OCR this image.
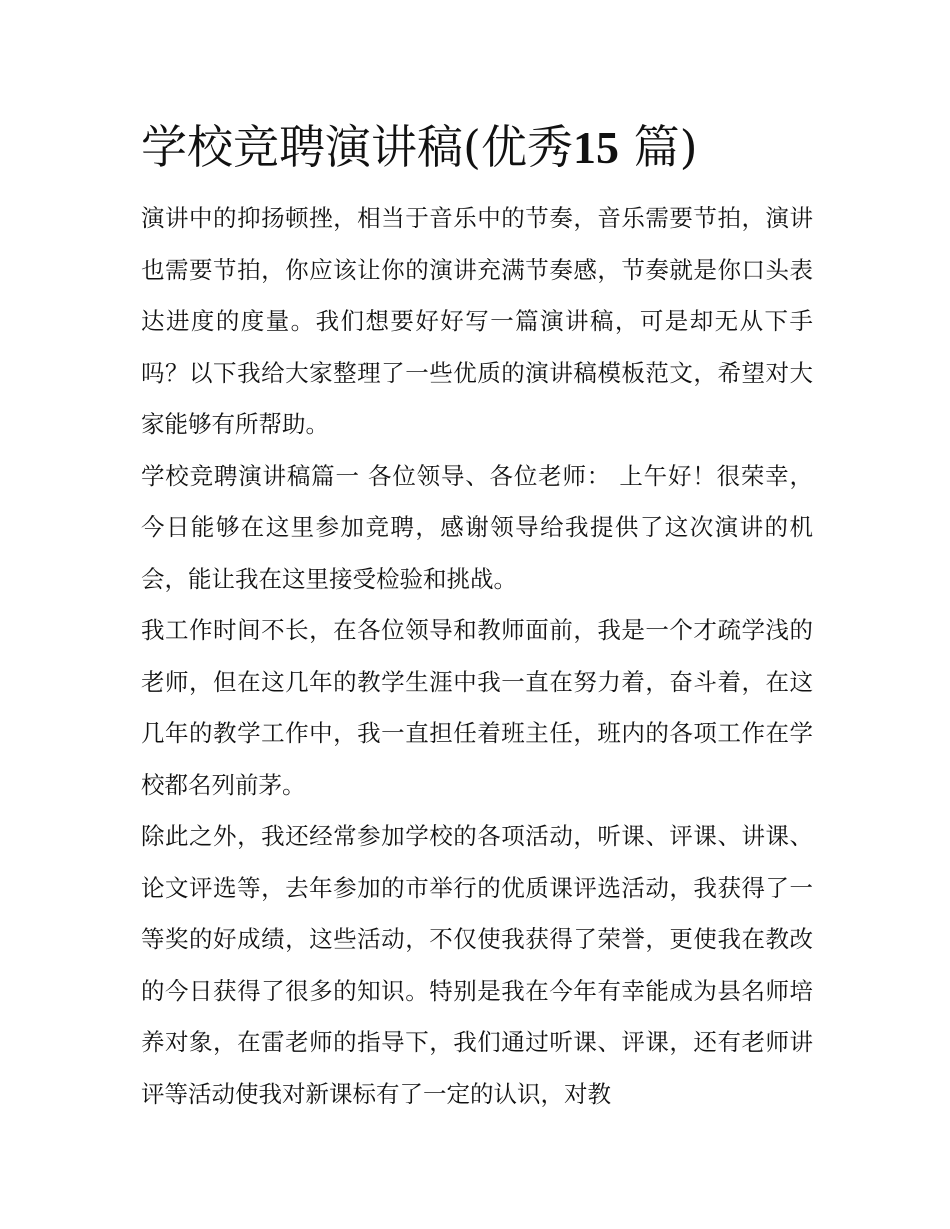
学校竞聘演讲稿(优秀15 篇)

演讲中的抑扬顿挫，相当于音乐中的节奏，音乐需要节拍，演讲也需要节拍，你应该让你的演讲充满节奏感，节奏就是你口头表达进度的度量。我们想要好好写一篇演讲稿，可是却无从下手吗？以下我给大家整理了一些优质的演讲稿模板范文，希望对大家能够有所帮助。

学校竞聘演讲稿篇一 各位领导、各位老师： 上午好！很荣幸，今日能够在这里参加竞聘，感谢领导给我提供了这次演讲的机会，能让我在这里接受检验和挑战。

我工作时间不长，在各位领导和教师面前，我是一个才疏学浅的老师，但在这几年的教学生涯中我一直在努力着，奋斗着，在这几年的教学工作中，我一直担任着班主任，班内的各项工作在学校都名列前茅。

除此之外，我还经常参加学校的各项活动，听课、评课、讲课、论文评选等，去年参加的市举行的优质课评选活动，我获得了一等奖的好成绩，这些活动，不仅使我获得了荣誉，更使我在教改的今日获得了很多的知识。特别是我在今年有幸能成为县名师培养对象，在雷老师的指导下，我们通过听课、评课，还有老师讲评等活动使我对新课标有了一定的认识，对教
